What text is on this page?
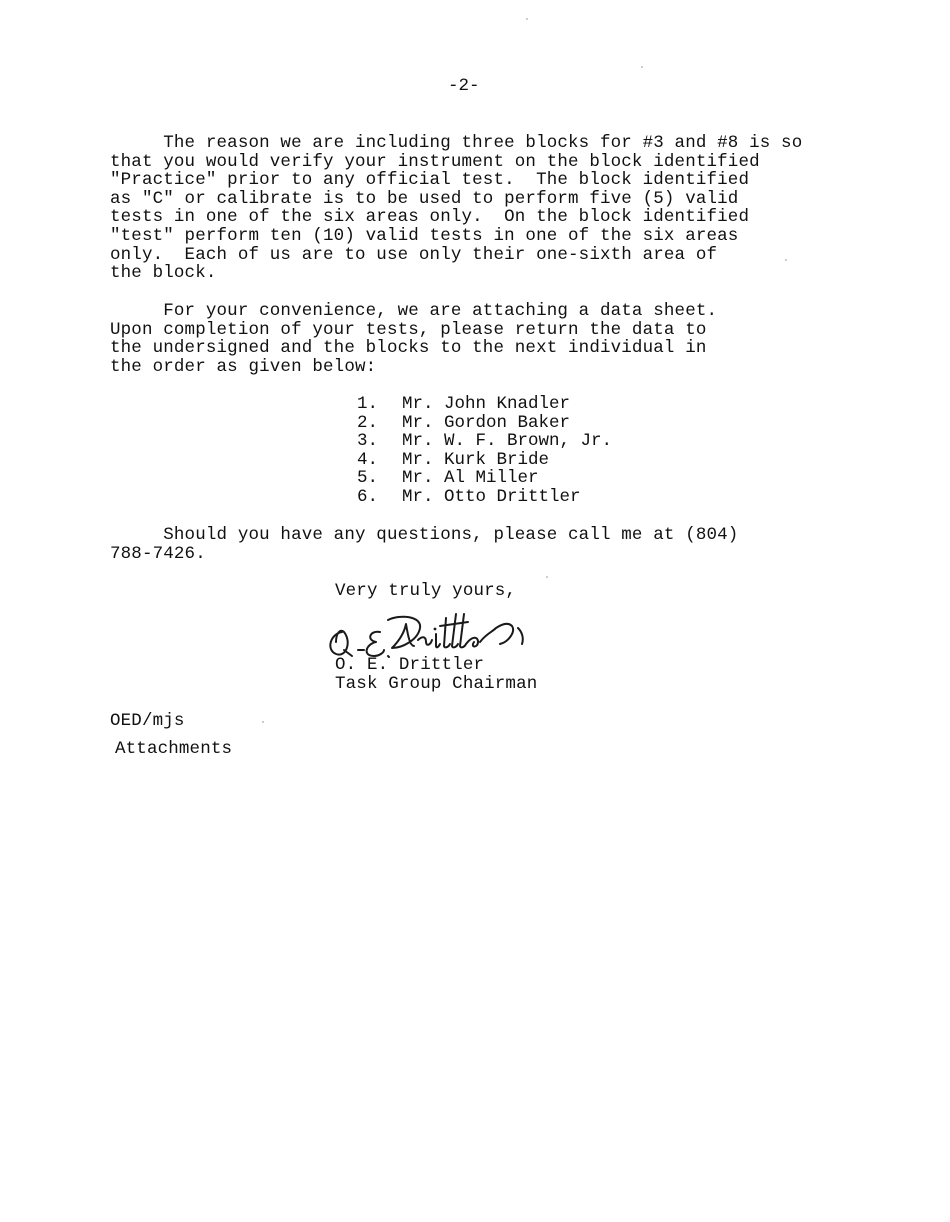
-2-
The reason we are including three blocks for #3 and #8 is so
that you would verify your instrument on the block identified
"Practice" prior to any official test.  The block identified
as "C" or calibrate is to be used to perform five (5) valid
tests in one of the six areas only.  On the block identified
"test" perform ten (10) valid tests in one of the six areas
only.  Each of us are to use only their one-sixth area of
the block.
For your convenience, we are attaching a data sheet.
Upon completion of your tests, please return the data to
the undersigned and the blocks to the next individual in
the order as given below:
1. Mr. John Knadler
2. Mr. Gordon Baker
3. Mr. W. F. Brown, Jr.
4. Mr. Kurk Bride
5. Mr. Al Miller
6. Mr. Otto Drittler
Should you have any questions, please call me at (804)
788-7426.
Very truly yours,
O. E. Drittler
Task Group Chairman
OED/mjs
Attachments
